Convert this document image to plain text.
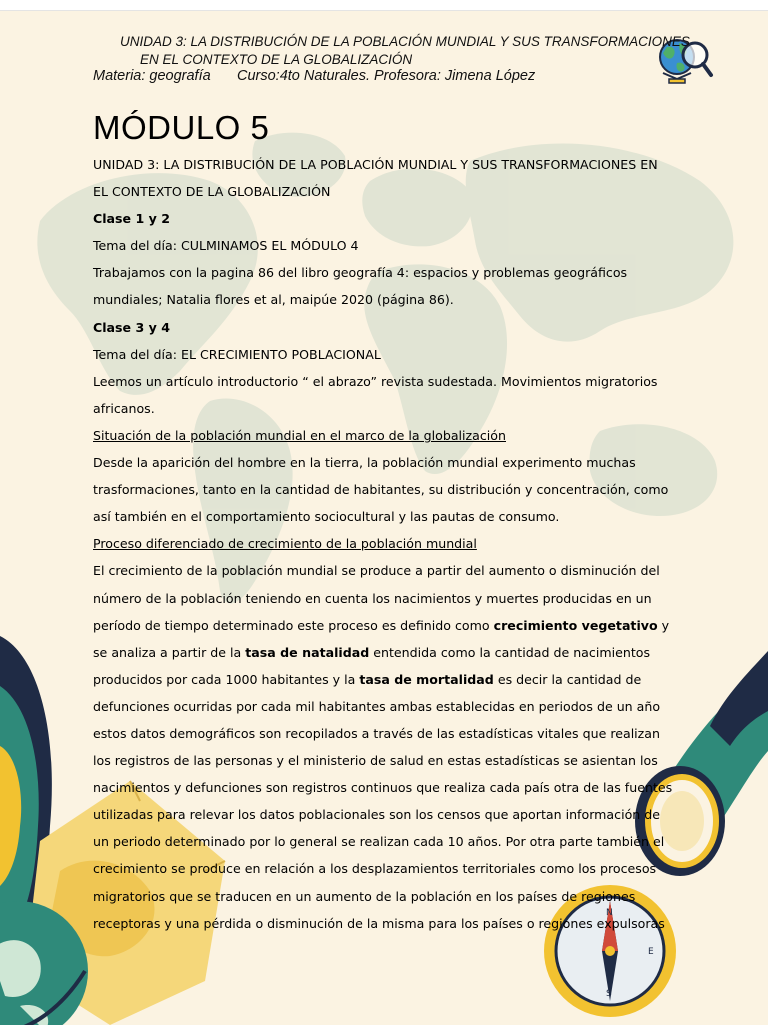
N
S
E
UNIDAD 3: LA DISTRIBUCIÓN DE LA POBLACIÓN MUNDIAL Y SUS TRANSFORMACIONES
EN EL CONTEXTO DE LA GLOBALIZACIÓN
Materia: geografía Curso:4to Naturales. Profesora: Jimena López
MÓDULO 5

UNIDAD 3: LA DISTRIBUCIÓN DE LA POBLACIÓN MUNDIAL Y SUS TRANSFORMACIONES EN

EL CONTEXTO DE LA GLOBALIZACIÓN

Clase 1 y 2

Tema del día: CULMINAMOS EL MÓDULO 4

Trabajamos con la pagina 86 del libro geografía 4: espacios y problemas geográficos mundiales; Natalia flores et al, maipúe 2020 (página 86).

Clase 3 y 4

Tema del día: EL CRECIMIENTO POBLACIONAL

Leemos un artículo introductorio “ el abrazo” revista sudestada. Movimientos migratorios africanos.

Situación de la población mundial en el marco de la globalización

Desde la aparición del hombre en la tierra, la población mundial experimento muchas trasformaciones, tanto en la cantidad de habitantes, su distribución y concentración, como así también en el comportamiento sociocultural y las pautas de consumo.

Proceso diferenciado de crecimiento de la población mundial

El crecimiento de la población mundial se produce a partir del aumento o disminución del número de la población teniendo en cuenta los nacimientos y muertes producidas en un período de tiempo determinado este proceso es definido como crecimiento vegetativo y se analiza a partir de la tasa de natalidad entendida como la cantidad de nacimientos producidos por cada 1000 habitantes y la tasa de mortalidad es decir la cantidad de defunciones ocurridas por cada mil habitantes ambas establecidas en periodos de un año estos datos demográficos son recopilados a través de las estadísticas vitales que realizan los registros de las personas y el ministerio de salud en estas estadísticas se asientan los nacimientos y defunciones son registros continuos que realiza cada país otra de las fuentes utilizadas para relevar los datos poblacionales son los censos que aportan información de un periodo determinado por lo general se realizan cada 10 años. Por otra parte también el crecimiento se produce en relación a los desplazamientos territoriales como los procesos migratorios que se traducen en un aumento de la población en los países de regiones receptoras y una pérdida o disminución de la misma para los países o regiones expulsoras
